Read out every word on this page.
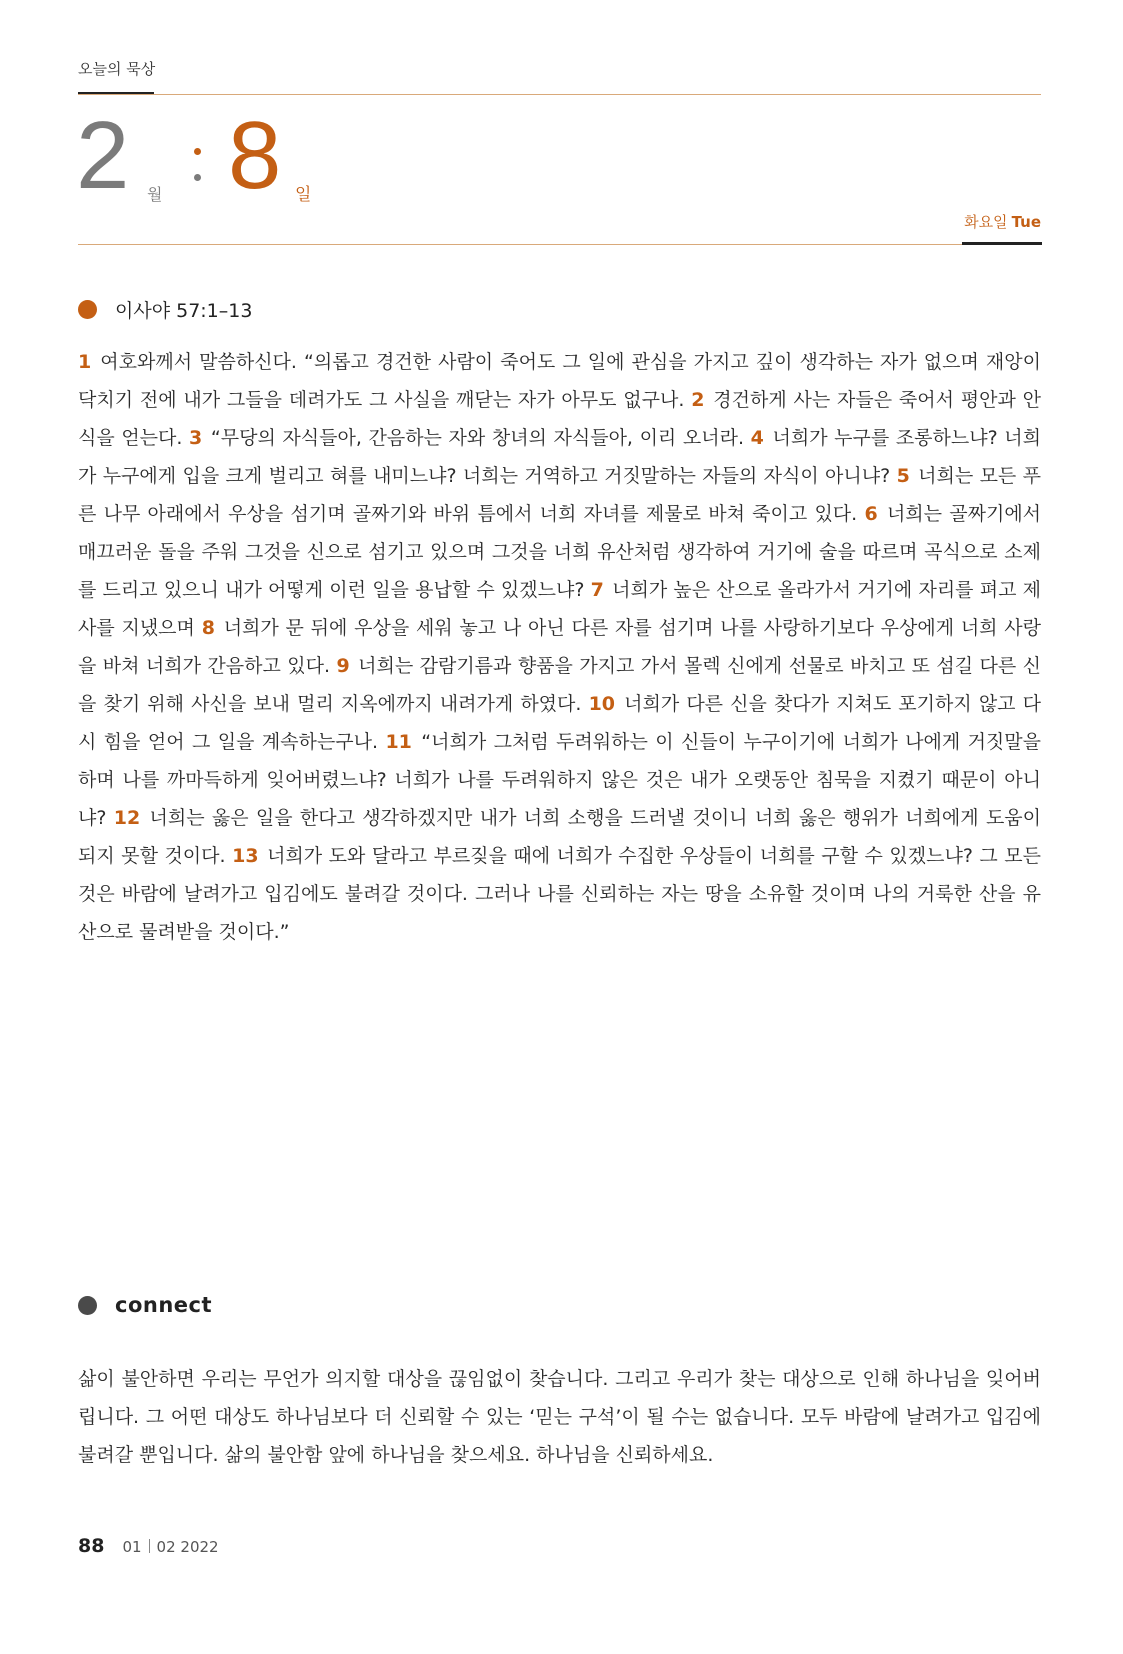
오늘의 묵상
2 월 8 일
화요일 Tue
이사야 57:1–13
1 여호와께서 말씀하신다. “의롭고 경건한 사람이 죽어도 그 일에 관심을 가지고 깊이 생각하는 자가 없으며 재앙이 닥치기 전에 내가 그들을 데려가도 그 사실을 깨닫는 자가 아무도 없구나. 2 경건하게 사는 자들은 죽어서 평안과 안식을 얻는다. 3 “무당의 자식들아, 간음하는 자와 창녀의 자식들아, 이리 오너라. 4 너희가 누구를 조롱하느냐? 너희가 누구에게 입을 크게 벌리고 혀를 내미느냐? 너희는 거역하고 거짓말하는 자들의 자식이 아니냐? 5 너희는 모든 푸른 나무 아래에서 우상을 섬기며 골짜기와 바위 틈에서 너희 자녀를 제물로 바쳐 죽이고 있다. 6 너희는 골짜기에서 매끄러운 돌을 주워 그것을 신으로 섬기고 있으며 그것을 너희 유산처럼 생각하여 거기에 술을 따르며 곡식으로 소제를 드리고 있으니 내가 어떻게 이런 일을 용납할 수 있겠느냐? 7 너희가 높은 산으로 올라가서 거기에 자리를 펴고 제사를 지냈으며 8 너희가 문 뒤에 우상을 세워 놓고 나 아닌 다른 자를 섬기며 나를 사랑하기보다 우상에게 너희 사랑을 바쳐 너희가 간음하고 있다. 9 너희는 감람기름과 향품을 가지고 가서 몰렉 신에게 선물로 바치고 또 섬길 다른 신을 찾기 위해 사신을 보내 멀리 지옥에까지 내려가게 하였다. 10 너희가 다른 신을 찾다가 지쳐도 포기하지 않고 다시 힘을 얻어 그 일을 계속하는구나. 11 “너희가 그처럼 두려워하는 이 신들이 누구이기에 너희가 나에게 거짓말을 하며 나를 까마득하게 잊어버렸느냐? 너희가 나를 두려워하지 않은 것은 내가 오랫동안 침묵을 지켰기 때문이 아니냐? 12 너희는 옳은 일을 한다고 생각하겠지만 내가 너희 소행을 드러낼 것이니 너희 옳은 행위가 너희에게 도움이 되지 못할 것이다. 13 너희가 도와 달라고 부르짖을 때에 너희가 수집한 우상들이 너희를 구할 수 있겠느냐? 그 모든 것은 바람에 날려가고 입김에도 불려갈 것이다. 그러나 나를 신뢰하는 자는 땅을 소유할 것이며 나의 거룩한 산을 유산으로 물려받을 것이다.”
connect
삶이 불안하면 우리는 무언가 의지할 대상을 끊임없이 찾습니다. 그리고 우리가 찾는 대상으로 인해 하나님을 잊어버립니다. 그 어떤 대상도 하나님보다 더 신뢰할 수 있는 ‘믿는 구석’이 될 수는 없습니다. 모두 바람에 날려가고 입김에 불려갈 뿐입니다. 삶의 불안함 앞에 하나님을 찾으세요. 하나님을 신뢰하세요.
88 01 02 2022
